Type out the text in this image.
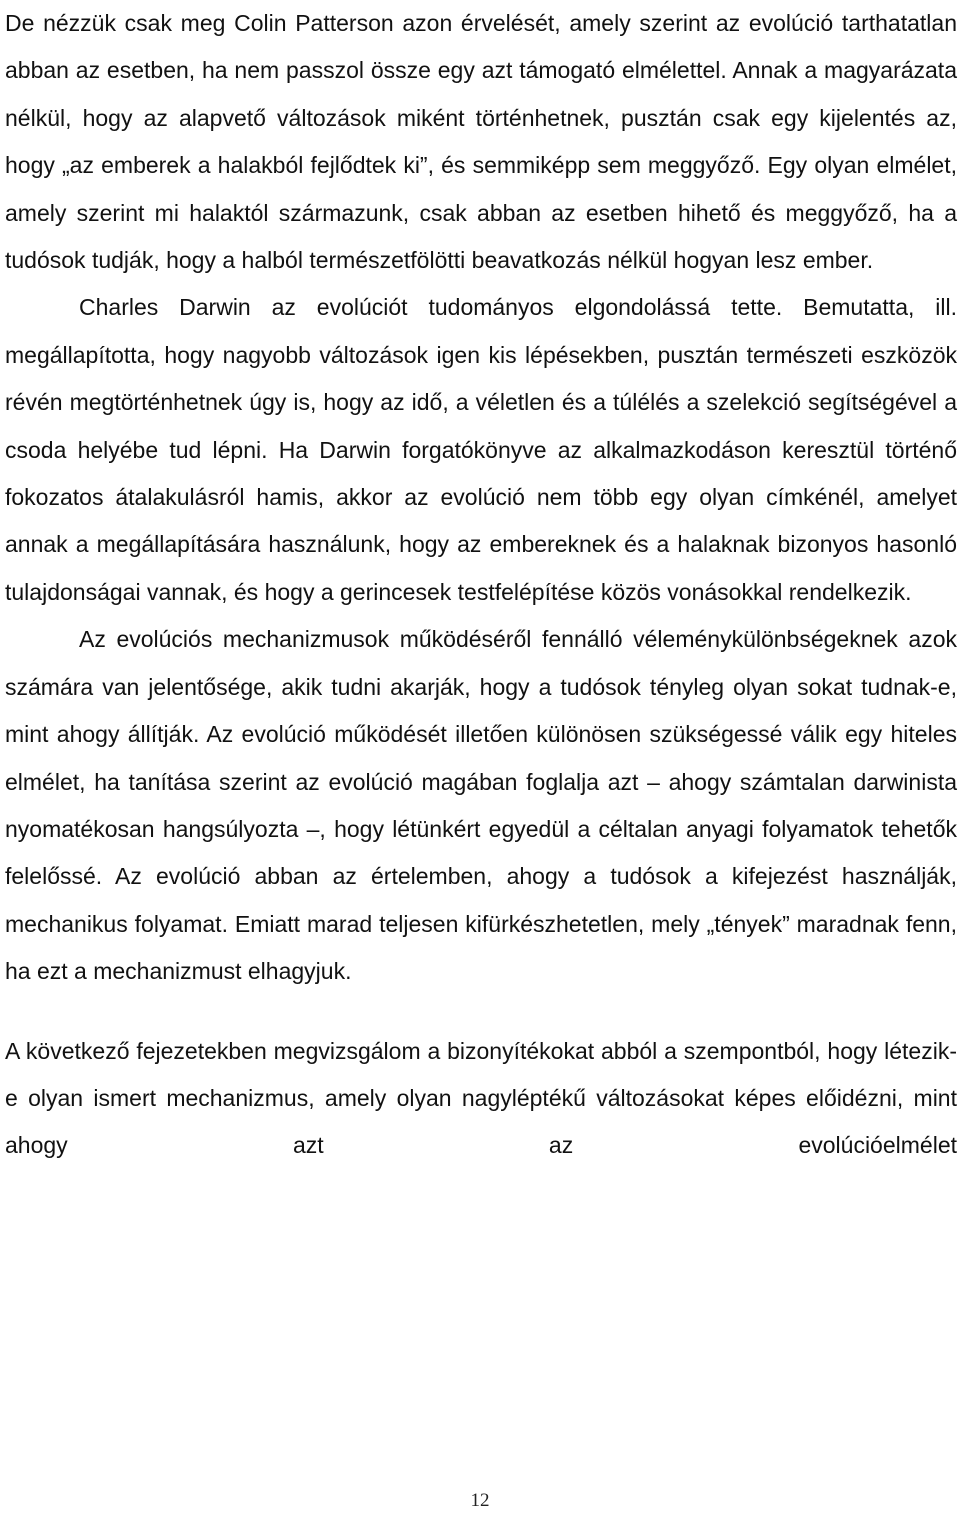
De nézzük csak meg Colin Patterson azon érvelését, amely szerint az evolúció tarthatatlan abban az esetben, ha nem passzol össze egy azt támogató elmélettel. Annak a magyarázata nélkül, hogy az alapvető változások miként történhetnek, pusztán csak egy kijelentés az, hogy „az emberek a halakból fejlődtek ki”, és semmiképp sem meggyőző. Egy olyan elmélet, amely szerint mi halaktól származunk, csak abban az esetben hihető és meggyőző, ha a tudósok tudják, hogy a halból természetfölötti beavatkozás nélkül hogyan lesz ember.

Charles Darwin az evolúciót tudományos elgondolássá tette. Bemutatta, ill. megállapította, hogy nagyobb változások igen kis lépésekben, pusztán természeti eszközök révén megtörténhetnek úgy is, hogy az idő, a véletlen és a túlélés a szelekció segítségével a csoda helyébe tud lépni. Ha Darwin forgatókönyve az alkalmazkodáson keresztül történő fokozatos átalakulásról hamis, akkor az evolúció nem több egy olyan címkénél, amelyet annak a megállapítására használunk, hogy az embereknek és a halaknak bizonyos hasonló tulajdonságai vannak, és hogy a gerincesek testfelépítése közös vonásokkal rendelkezik.

Az evolúciós mechanizmusok működéséről fennálló véleménykülönbségeknek azok számára van jelentősége, akik tudni akarják, hogy a tudósok tényleg olyan sokat tudnak-e, mint ahogy állítják. Az evolúció működését illetően különösen szükségessé válik egy hiteles elmélet, ha tanítása szerint az evolúció magában foglalja azt – ahogy számtalan darwinista nyomatékosan hangsúlyozta –, hogy létünkért egyedül a céltalan anyagi folyamatok tehetők felelőssé. Az evolúció abban az értelemben, ahogy a tudósok a kifejezést használják, mechanikus folyamat. Emiatt marad teljesen kifürkészhetetlen, mely „tények” maradnak fenn, ha ezt a mechanizmust elhagyjuk.

A következő fejezetekben megvizsgálom a bizonyítékokat abból a szempontból, hogy létezik-e olyan ismert mechanizmus, amely olyan nagyléptékű változásokat képes előidézni, mint ahogy azt az evolúcióelmélet

12
